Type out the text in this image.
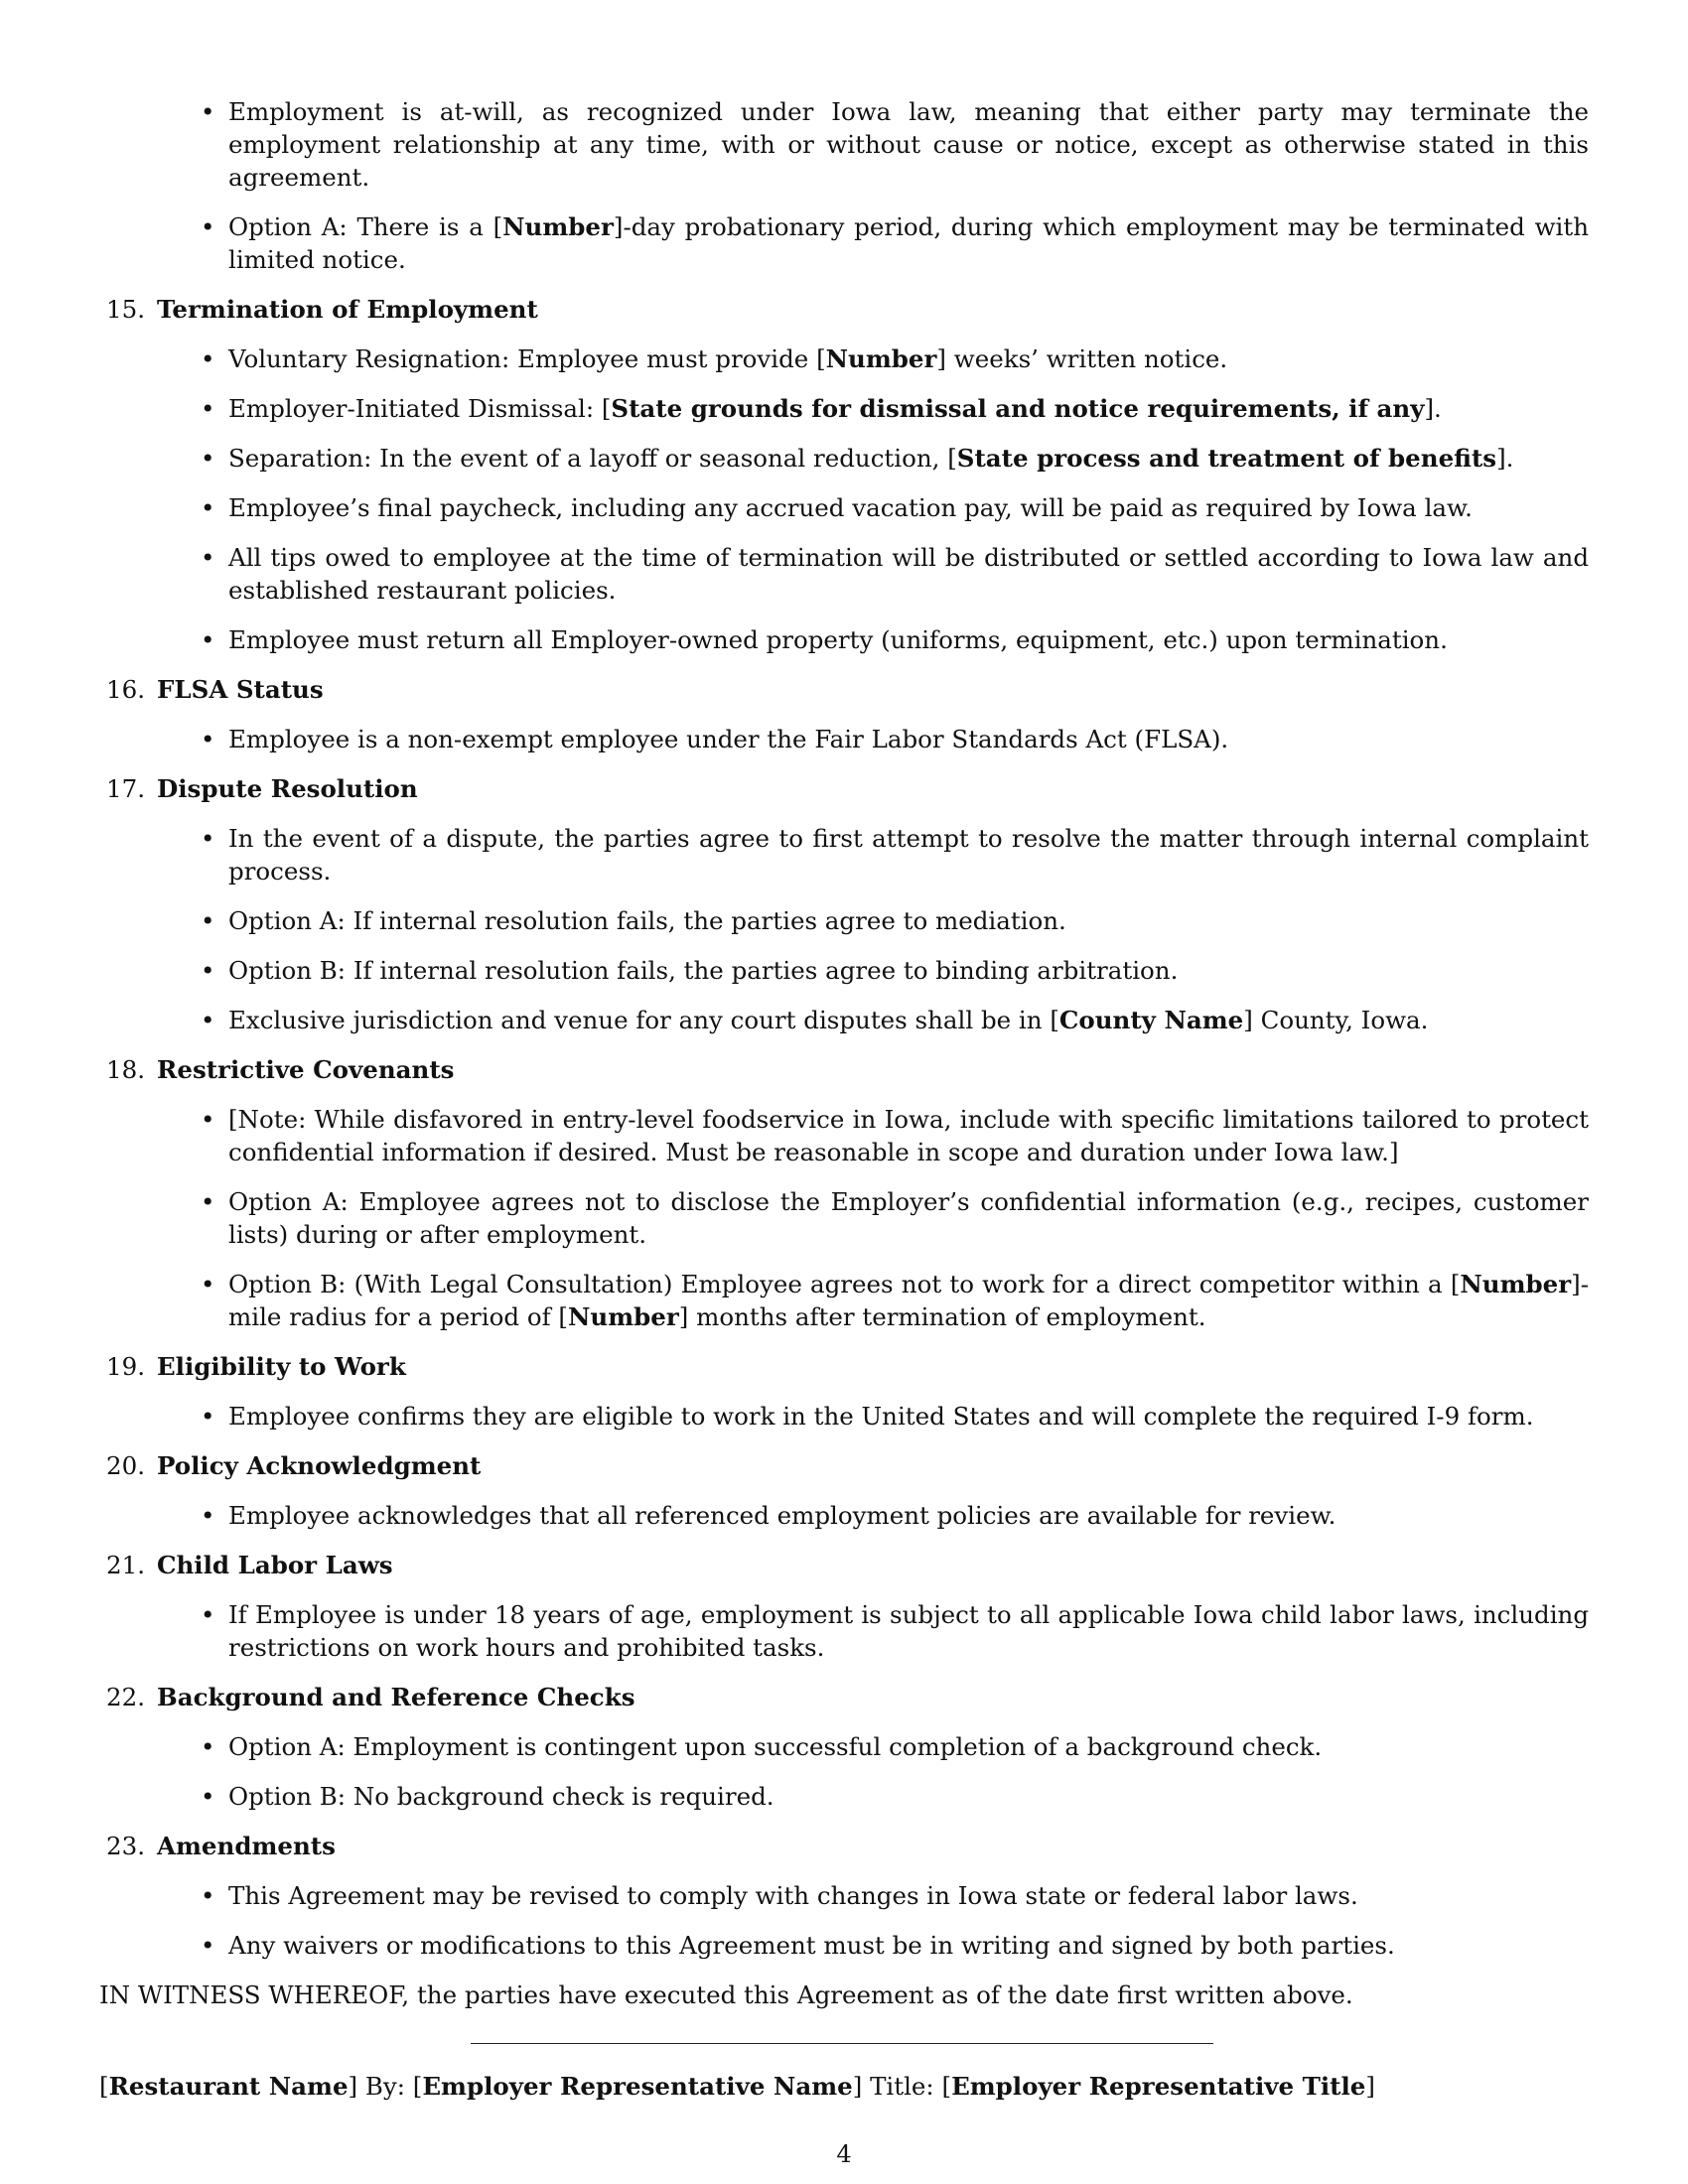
• Employment is at-will, as recognized under Iowa law, meaning that either party may terminate the employment relationship at any time, with or without cause or notice, except as otherwise stated in this agreement.
• Option A: There is a [Number]-day probationary period, during which employment may be terminated with limited notice.
15. Termination of Employment
• Voluntary Resignation: Employee must provide [Number] weeks’ written notice.
• Employer-Initiated Dismissal: [State grounds for dismissal and notice requirements, if any].
• Separation: In the event of a layoff or seasonal reduction, [State process and treatment of benefits].
• Employee’s final paycheck, including any accrued vacation pay, will be paid as required by Iowa law.
• All tips owed to employee at the time of termination will be distributed or settled according to Iowa law and established restaurant policies.
• Employee must return all Employer-owned property (uniforms, equipment, etc.) upon termination.
16. FLSA Status
• Employee is a non-exempt employee under the Fair Labor Standards Act (FLSA).
17. Dispute Resolution
• In the event of a dispute, the parties agree to first attempt to resolve the matter through internal complaint process.
• Option A: If internal resolution fails, the parties agree to mediation.
• Option B: If internal resolution fails, the parties agree to binding arbitration.
• Exclusive jurisdiction and venue for any court disputes shall be in [County Name] County, Iowa.
18. Restrictive Covenants
• [Note: While disfavored in entry-level foodservice in Iowa, include with specific limitations tailored to protect confidential information if desired. Must be reasonable in scope and duration under Iowa law.]
• Option A: Employee agrees not to disclose the Employer’s confidential information (e.g., recipes, customer lists) during or after employment.
• Option B: (With Legal Consultation) Employee agrees not to work for a direct competitor within a [Number]-mile radius for a period of [Number] months after termination of employment.
19. Eligibility to Work
• Employee confirms they are eligible to work in the United States and will complete the required I-9 form.
20. Policy Acknowledgment
• Employee acknowledges that all referenced employment policies are available for review.
21. Child Labor Laws
• If Employee is under 18 years of age, employment is subject to all applicable Iowa child labor laws, including restrictions on work hours and prohibited tasks.
22. Background and Reference Checks
• Option A: Employment is contingent upon successful completion of a background check.
• Option B: No background check is required.
23. Amendments
• This Agreement may be revised to comply with changes in Iowa state or federal labor laws.
• Any waivers or modifications to this Agreement must be in writing and signed by both parties.
IN WITNESS WHEREOF, the parties have executed this Agreement as of the date first written above.
[Restaurant Name] By: [Employer Representative Name] Title: [Employer Representative Title]
4
